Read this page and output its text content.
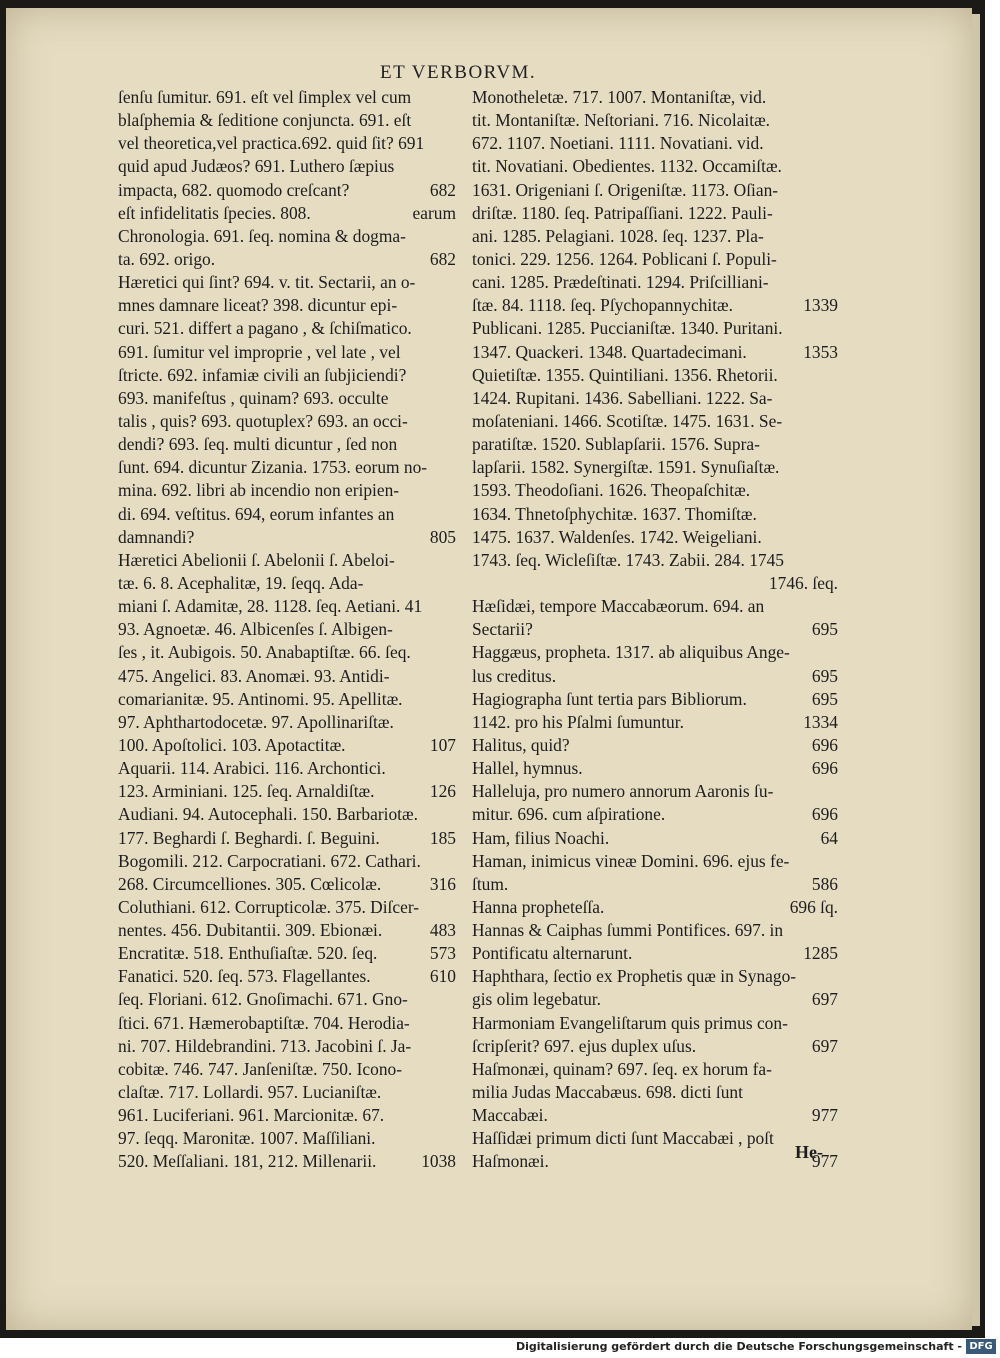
ET VERBORVM.
ſenſu ſumitur. 691. eſt vel ſimplex vel cum
blaſphemia & ſeditione conjuncta. 691. eſt
vel theoretica,vel practica.692. quid ſit? 691
quid apud Judæos? 691. Luthero ſæpius
impacta, 682. quomodo creſcant?	682
eſt infidelitatis ſpecies. 808.	earum
Chronologia. 691. ſeq. nomina & dogma-
ta. 692. origo.	682
Hæretici qui ſint? 694. v. tit. Sectarii, an o-
mnes damnare liceat? 398. dicuntur epi-
curi. 521. differt a pagano , & ſchiſmatico.
691. ſumitur vel improprie , vel late , vel
ſtricte. 692. infamiæ civili an ſubjiciendi?
693. manifeſtus , quinam? 693. occulte
talis , quis? 693. quotuplex? 693. an occi-
dendi? 693. ſeq. multi dicuntur , ſed non
ſunt. 694. dicuntur Zizania. 1753. eorum no-
mina. 692. libri ab incendio non eripien-
di. 694. veſtitus. 694, eorum infantes an
damnandi?	805
Hæretici Abelionii ſ. Abelonii ſ. Abeloi-
tæ. 6. 8. Acephalitæ, 19. ſeqq. Ada-
miani ſ. Adamitæ, 28. 1128. ſeq. Aetiani. 41
93. Agnoetæ. 46. Albicenſes ſ. Albigen-
ſes , it. Aubigois. 50. Anabaptiſtæ. 66. ſeq.
475. Angelici. 83. Anomæi. 93. Antidi-
comarianitæ. 95. Antinomi. 95. Apellitæ.
97. Aphthartodocetæ. 97. Apollinariſtæ.
100. Apoſtolici. 103. Apotactitæ.	107
Aquarii. 114. Arabici. 116. Archontici.
123. Arminiani. 125. ſeq. Arnaldiſtæ.	126
Audiani. 94. Autocephali. 150. Barbariotæ.
177. Beghardi ſ. Beghardi. ſ. Beguini.	185
Bogomili. 212. Carpocratiani. 672. Cathari.
268. Circumcelliones. 305. Cœlicolæ.	316
Coluthiani. 612. Corrupticolæ. 375. Diſcer-
nentes. 456. Dubitantii. 309. Ebionæi.	483
Encratitæ. 518. Enthuſiaſtæ. 520. ſeq.	573
Fanatici. 520. ſeq. 573. Flagellantes.	610
ſeq. Floriani. 612. Gnoſimachi. 671. Gno-
ſtici. 671. Hæmerobaptiſtæ. 704. Herodia-
ni. 707. Hildebrandini. 713. Jacobini ſ. Ja-
cobitæ. 746. 747. Janſeniſtæ. 750. Icono-
claſtæ. 717. Lollardi. 957. Lucianiſtæ.
961. Luciferiani. 961. Marcionitæ. 67.
97. ſeqq. Maronitæ. 1007. Maſſiliani.
520. Meſſaliani. 181, 212. Millenarii.	1038
Monotheletæ. 717. 1007. Montaniſtæ, vid.
tit. Montaniſtæ. Neſtoriani. 716. Nicolaitæ.
672. 1107. Noetiani. 1111. Novatiani. vid.
tit. Novatiani. Obedientes. 1132. Occamiſtæ.
1631. Origeniani ſ. Origeniſtæ. 1173. Oſian-
driſtæ. 1180. ſeq. Patripaſſiani. 1222. Pauli-
ani. 1285. Pelagiani. 1028. ſeq. 1237. Pla-
tonici. 229. 1256. 1264. Poblicani ſ. Populi-
cani. 1285. Prædeſtinati. 1294. Priſcilliani-
ſtæ. 84. 1118. ſeq. Pſychopannychitæ.	1339
Publicani. 1285. Puccianiſtæ. 1340. Puritani.
1347. Quackeri. 1348. Quartadecimani.	1353
Quietiſtæ. 1355. Quintiliani. 1356. Rhetorii.
1424. Rupitani. 1436. Sabelliani. 1222. Sa-
moſateniani. 1466. Scotiſtæ. 1475. 1631. Se-
paratiſtæ. 1520. Sublapſarii. 1576. Supra-
lapſarii. 1582. Synergiſtæ. 1591. Synuſiaſtæ.
1593. Theodoſiani. 1626. Theopaſchitæ.
1634. Thnetoſphychitæ. 1637. Thomiſtæ.
1475. 1637. Waldenſes. 1742. Weigeliani.
1743. ſeq. Wicleſiſtæ. 1743. Zabii. 284. 1745
1746. ſeq.
Hæſidæi, tempore Maccabæorum. 694. an
Sectarii?	695
Haggæus, propheta. 1317. ab aliquibus Ange-
lus creditus.	695
Hagiographa ſunt tertia pars Bibliorum.	695
1142. pro his Pſalmi ſumuntur.	1334
Halitus, quid?	696
Hallel, hymnus.	696
Halleluja, pro numero annorum Aaronis ſu-
mitur. 696. cum aſpiratione.	696
Ham, filius Noachi.	64
Haman, inimicus vineæ Domini. 696. ejus fe-
ſtum.	586
Hanna propheteſſa.	696 ſq.
Hannas & Caiphas ſummi Pontifices. 697. in
Pontificatu alternarunt.	1285
Haphthara, ſectio ex Prophetis quæ in Synago-
gis olim legebatur.	697
Harmoniam Evangeliſtarum quis primus con-
ſcripſerit? 697. ejus duplex uſus.	697
Haſmonæi, quinam? 697. ſeq. ex horum fa-
milia Judas Maccabæus. 698. dicti ſunt
Maccabæi.	977
Haſſidæi primum dicti ſunt Maccabæi , poſt
Haſmonæi.	977
He-
Digitalisierung gefördert durch die Deutsche Forschungsgemeinschaft - DFG
